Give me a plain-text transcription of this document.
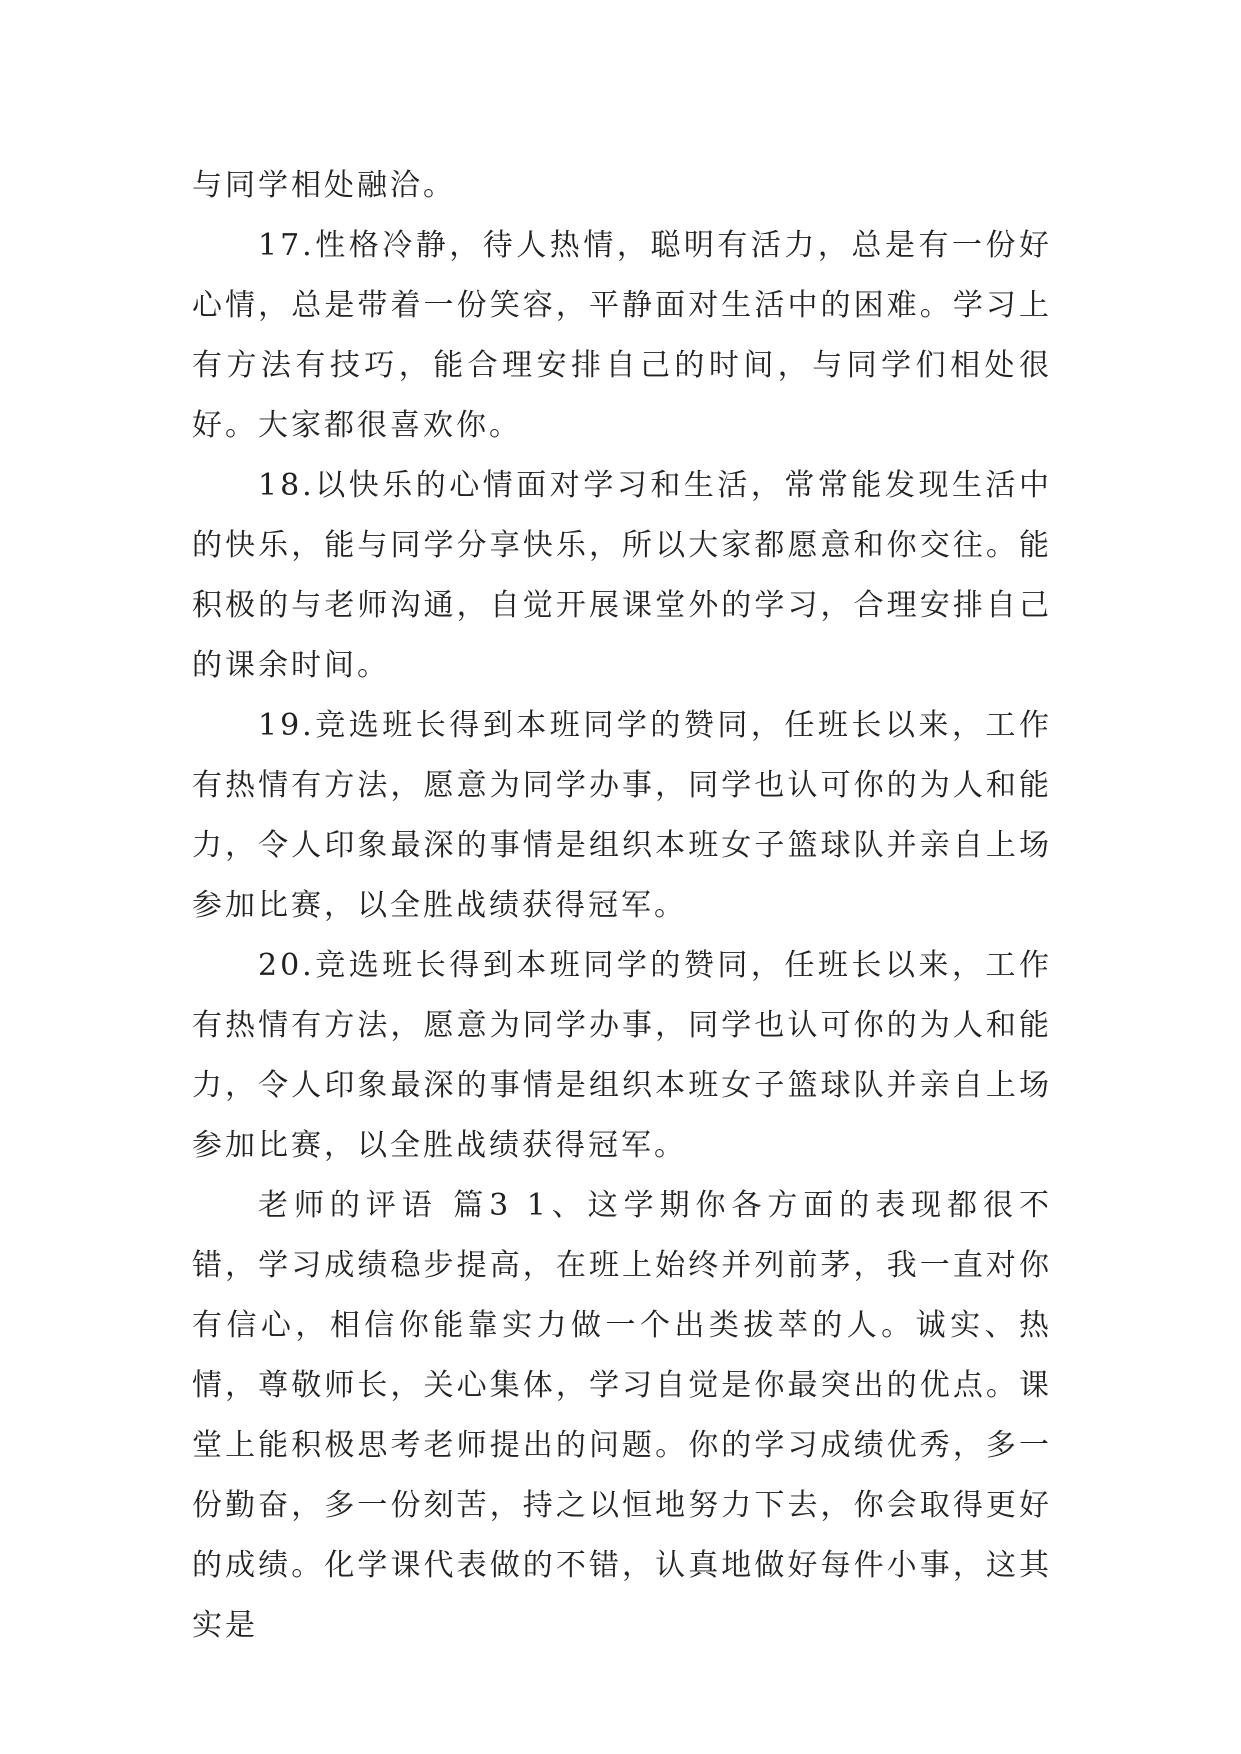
与同学相处融洽。

17.性格冷静，待人热情，聪明有活力，总是有一份好心情，总是带着一份笑容，平静面对生活中的困难。学习上有方法有技巧，能合理安排自己的时间，与同学们相处很好。大家都很喜欢你。

18.以快乐的心情面对学习和生活，常常能发现生活中的快乐，能与同学分享快乐，所以大家都愿意和你交往。能积极的与老师沟通，自觉开展课堂外的学习，合理安排自己的课余时间。

19.竞选班长得到本班同学的赞同，任班长以来，工作有热情有方法，愿意为同学办事，同学也认可你的为人和能力，令人印象最深的事情是组织本班女子篮球队并亲自上场参加比赛，以全胜战绩获得冠军。

20.竞选班长得到本班同学的赞同，任班长以来，工作有热情有方法，愿意为同学办事，同学也认可你的为人和能力，令人印象最深的事情是组织本班女子篮球队并亲自上场参加比赛，以全胜战绩获得冠军。

老师的评语 篇3 1、这学期你各方面的表现都很不错，学习成绩稳步提高，在班上始终并列前茅，我一直对你有信心，相信你能靠实力做一个出类拔萃的人。诚实、热情，尊敬师长，关心集体，学习自觉是你最突出的优点。课堂上能积极思考老师提出的问题。你的学习成绩优秀，多一份勤奋，多一份刻苦，持之以恒地努力下去，你会取得更好的成绩。化学课代表做的不错，认真地做好每件小事，这其实是
